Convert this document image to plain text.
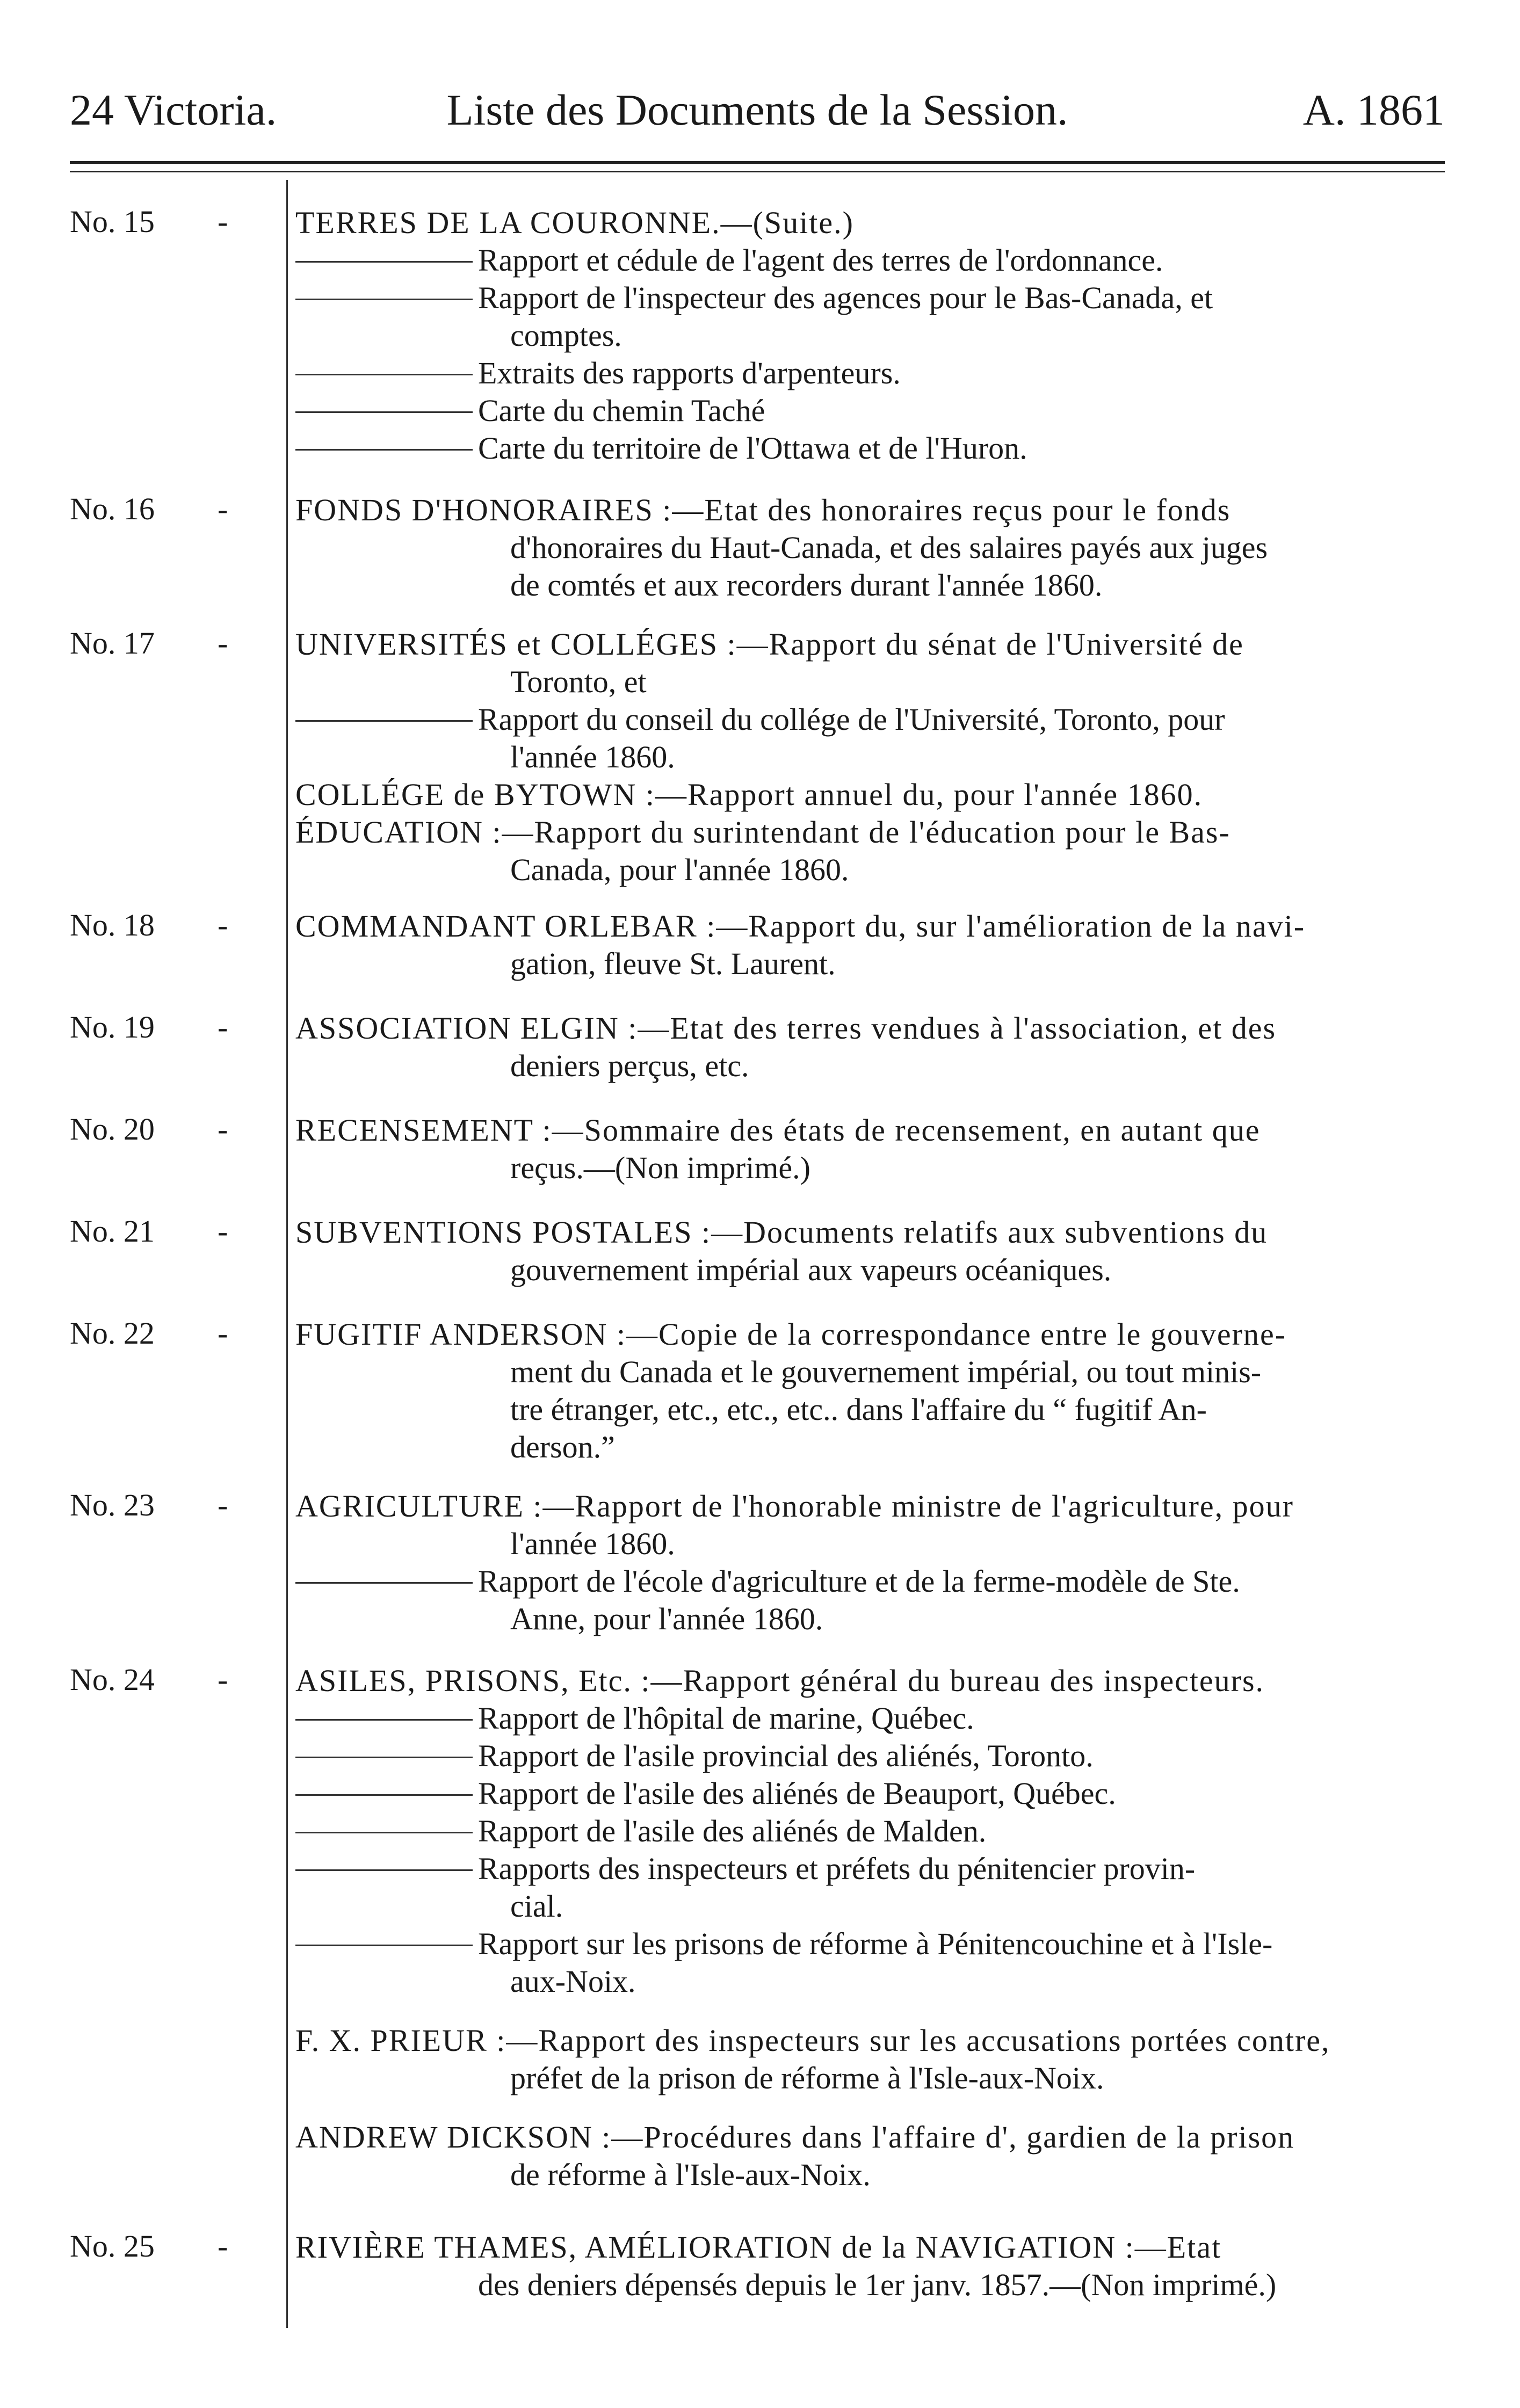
24 Victoria.	Liste des Documents de la Session.	A. 1861
No. 15	- TERRES DE LA COURONNE.—(Suite.)
Rapport et cédule de l'agent des terres de l'ordonnance.
Rapport de l'inspecteur des agences pour le Bas-Canada, et
comptes.
Extraits des rapports d'arpenteurs.
Carte du chemin Taché
Carte du territoire de l'Ottawa et de l'Huron.
No. 16	- FONDS D'HONORAIRES :—Etat des honoraires reçus pour le fonds
d'honoraires du Haut-Canada, et des salaires payés aux juges
de comtés et aux recorders durant l'année 1860.
No. 17	- UNIVERSITÉS et COLLÉGES :—Rapport du sénat de l'Université de
Toronto, et
Rapport du conseil du collége de l'Université, Toronto, pour
l'année 1860.
COLLÉGE de BYTOWN :—Rapport annuel du, pour l'année 1860.
ÉDUCATION :—Rapport du surintendant de l'éducation pour le Bas-
Canada, pour l'année 1860.
No. 18	- COMMANDANT ORLEBAR :—Rapport du, sur l'amélioration de la navi-
gation, fleuve St. Laurent.
No. 19	- ASSOCIATION ELGIN :—Etat des terres vendues à l'association, et des
deniers perçus, etc.
No. 20	- RECENSEMENT :—Sommaire des états de recensement, en autant que
reçus.—(Non imprimé.)
No. 21	- SUBVENTIONS POSTALES :—Documents relatifs aux subventions du
gouvernement impérial aux vapeurs océaniques.
No. 22	- FUGITIF ANDERSON :—Copie de la correspondance entre le gouverne-
ment du Canada et le gouvernement impérial, ou tout minis-
tre étranger, etc., etc., etc.. dans l'affaire du “ fugitif An-
derson.”
No. 23	- AGRICULTURE :—Rapport de l'honorable ministre de l'agriculture, pour
l'année 1860.
Rapport de l'école d'agriculture et de la ferme-modèle de Ste.
Anne, pour l'année 1860.
No. 24	- ASILES, PRISONS, Etc. :—Rapport général du bureau des inspecteurs.
Rapport de l'hôpital de marine, Québec.
Rapport de l'asile provincial des aliénés, Toronto.
Rapport de l'asile des aliénés de Beauport, Québec.
Rapport de l'asile des aliénés de Malden.
Rapports des inspecteurs et préfets du pénitencier provin-
cial.
Rapport sur les prisons de réforme à Pénitencouchine et à l'Isle-
aux-Noix.
F. X. PRIEUR :—Rapport des inspecteurs sur les accusations portées contre,
préfet de la prison de réforme à l'Isle-aux-Noix.
ANDREW DICKSON :—Procédures dans l'affaire d', gardien de la prison
de réforme à l'Isle-aux-Noix.
No. 25	- RIVIÈRE THAMES, AMÉLIORATION de la NAVIGATION :—Etat
des deniers dépensés depuis le 1er janv. 1857.—(Non imprimé.)
